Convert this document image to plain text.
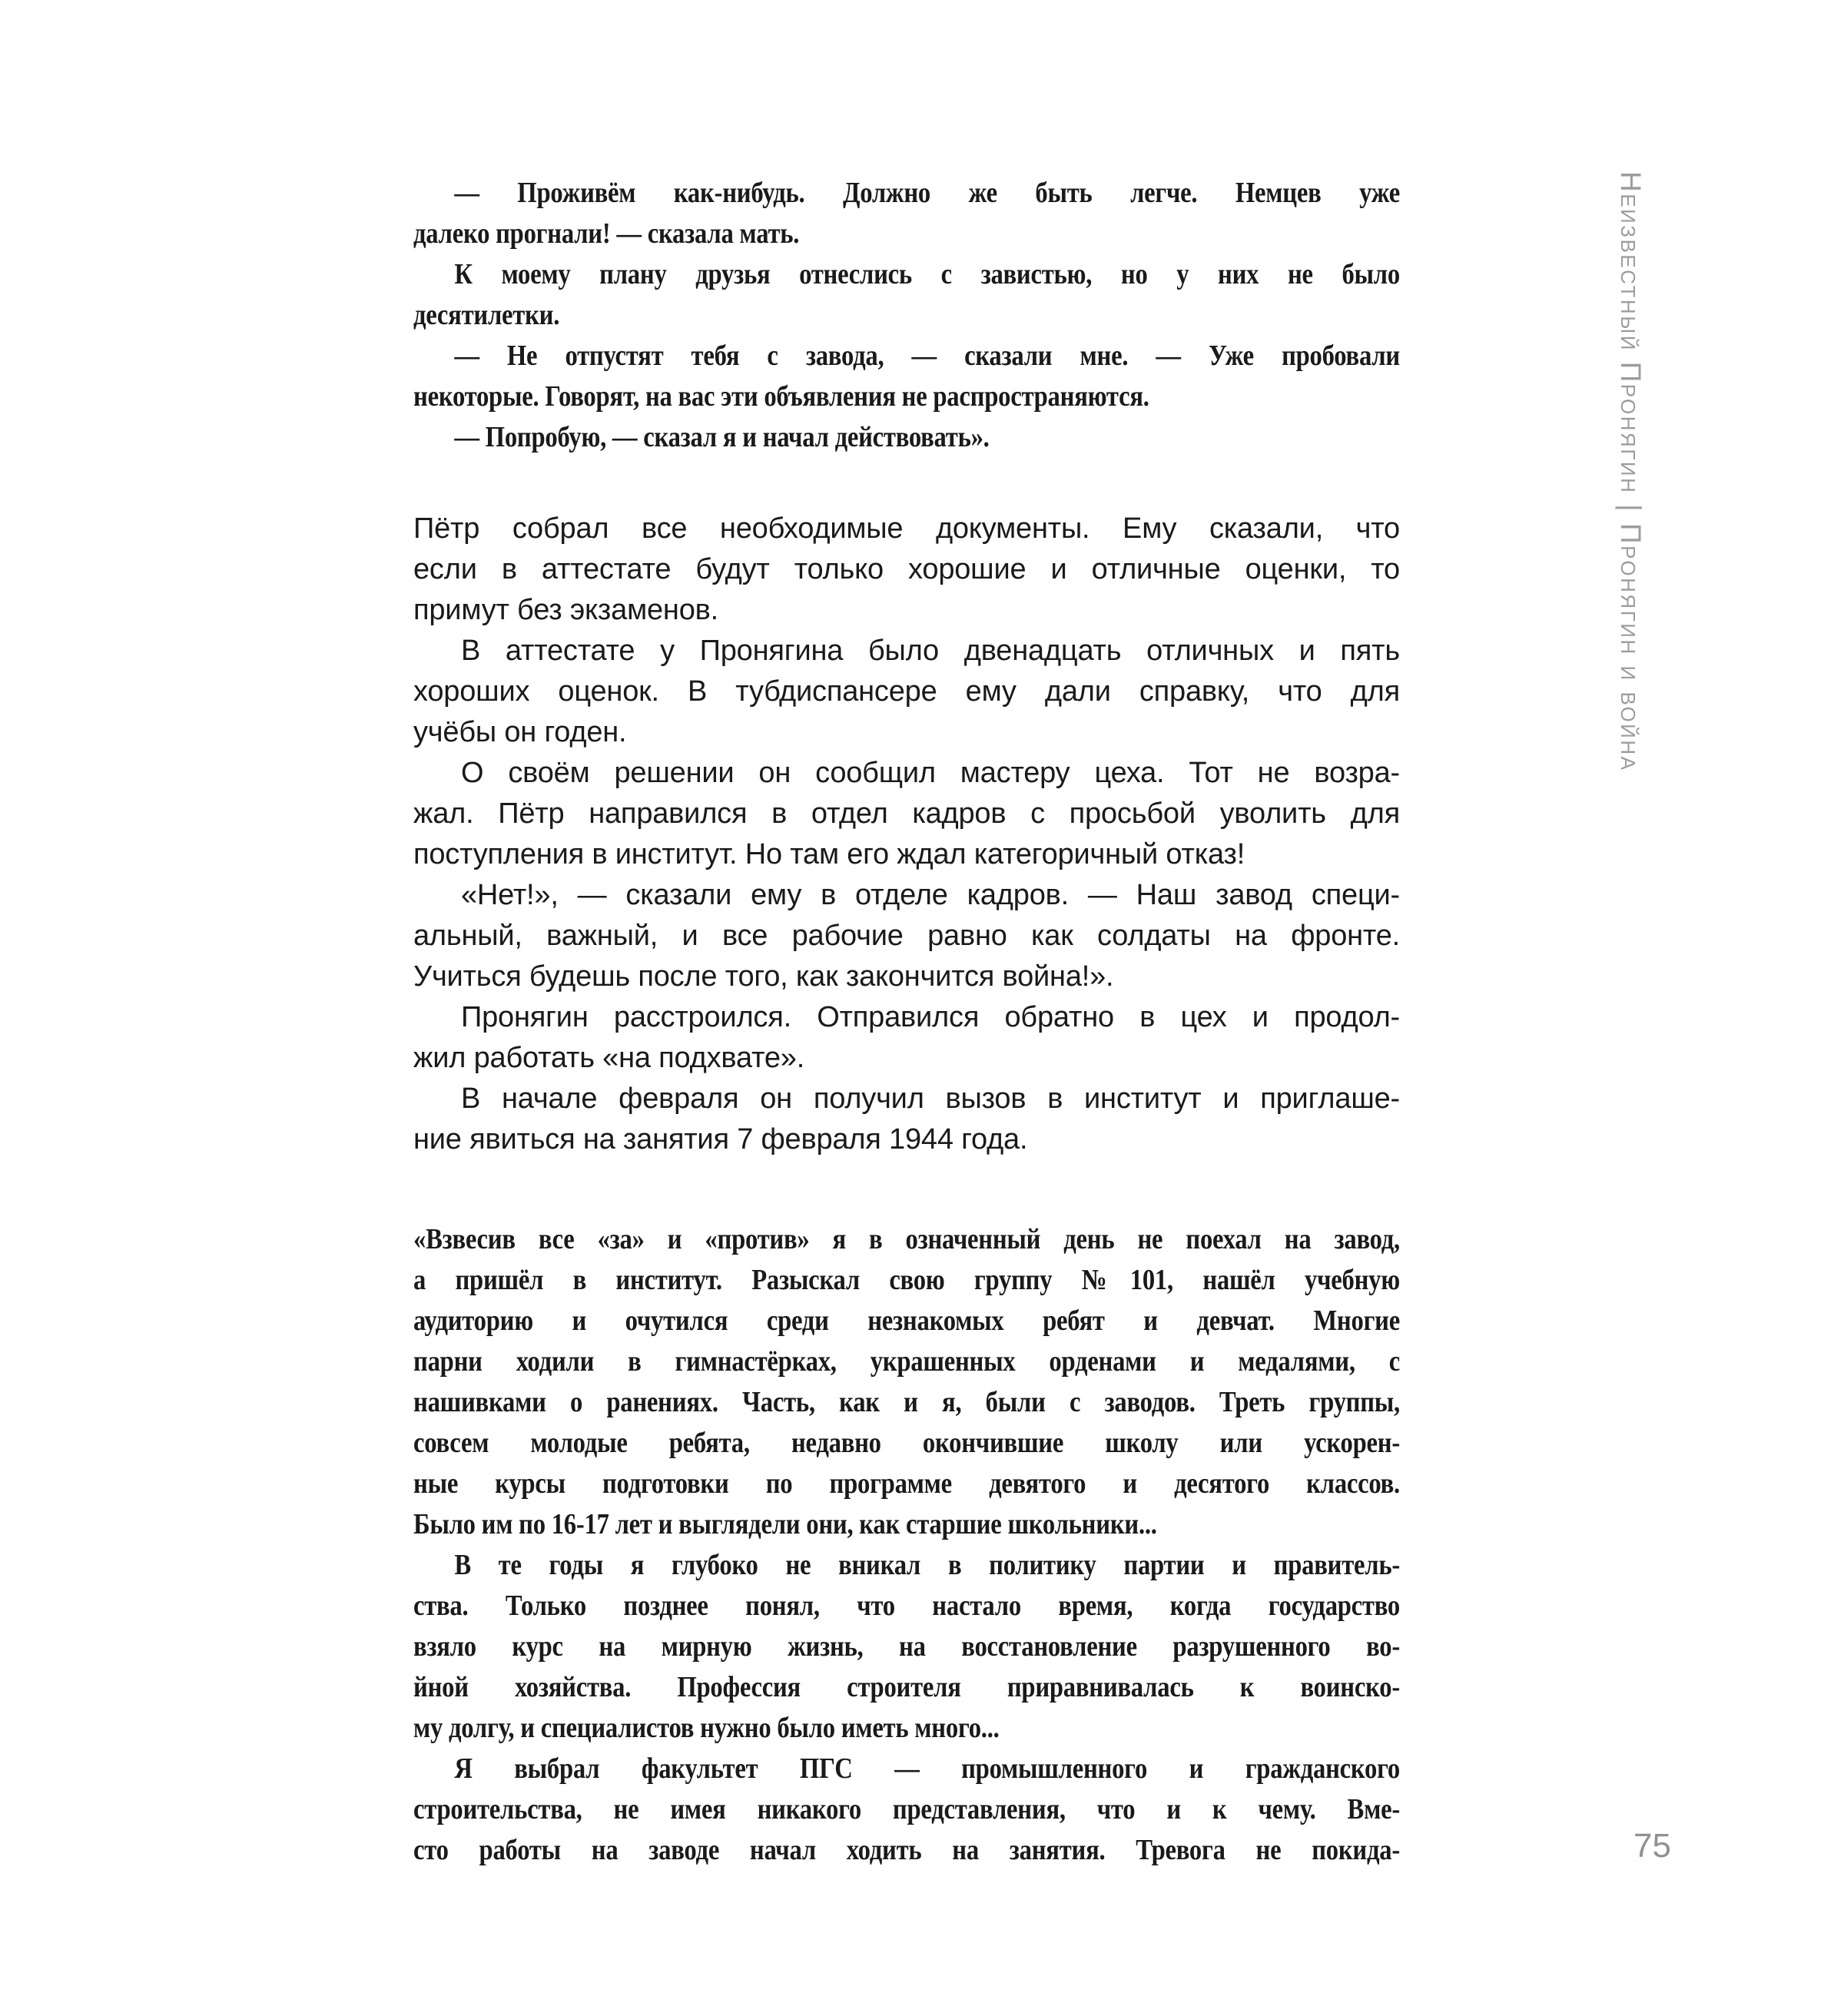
— Проживём как-нибудь. Должно же быть легче. Немцев уже
далеко прогнали! — сказала мать.
К моему плану друзья отнеслись с завистью, но у них не было
десятилетки.
— Не отпустят тебя с завода, — сказали мне. — Уже пробовали
некоторые. Говорят, на вас эти объявления не распространяются.
— Попробую, — сказал я и начал действовать».
Пётр собрал все необходимые документы. Ему сказали, что
если в аттестате будут только хорошие и отличные оценки, то
примут без экзаменов.
В аттестате у Пронягина было двенадцать отличных и пять
хороших оценок. В тубдиспансере ему дали справку, что для
учёбы он годен.
О своём решении он сообщил мастеру цеха. Тот не возра-
жал. Пётр направился в отдел кадров с просьбой уволить для
поступления в институт. Но там его ждал категоричный отказ!
«Нет!», — сказали ему в отделе кадров. — Наш завод специ-
альный, важный, и все рабочие равно как солдаты на фронте.
Учиться будешь после того, как закончится война!».
Пронягин расстроился. Отправился обратно в цех и продол-
жил работать «на подхвате».
В начале февраля он получил вызов в институт и приглаше-
ние явиться на занятия 7 февраля 1944 года.
«Взвесив все «за» и «против» я в означенный день не поехал на завод,
а пришёл в институт. Разыскал свою группу №101, нашёл учебную
аудиторию и очутился среди незнакомых ребят и девчат. Многие
парни ходили в гимнастёрках, украшенных орденами и медалями, с
нашивками о ранениях. Часть, как и я, были с заводов. Треть группы,
совсем молодые ребята, недавно окончившие школу или ускорен-
ные курсы подготовки по программе девятого и десятого классов.
Было им по 16-17 лет и выглядели они, как старшие школьники...
В те годы я глубоко не вникал в политику партии и правитель-
ства. Только позднее понял, что настало время, когда государство
взяло курс на мирную жизнь, на восстановление разрушенного во-
йной хозяйства. Профессия строителя приравнивалась к воинско-
му долгу, и специалистов нужно было иметь много...
Я выбрал факультет ПГС — промышленного и гражданского
строительства, не имея никакого представления, что и к чему. Вме-
сто работы на заводе начал ходить на занятия. Тревога не покида-
Неизвестный Пронягин | Пронягин и война
75
